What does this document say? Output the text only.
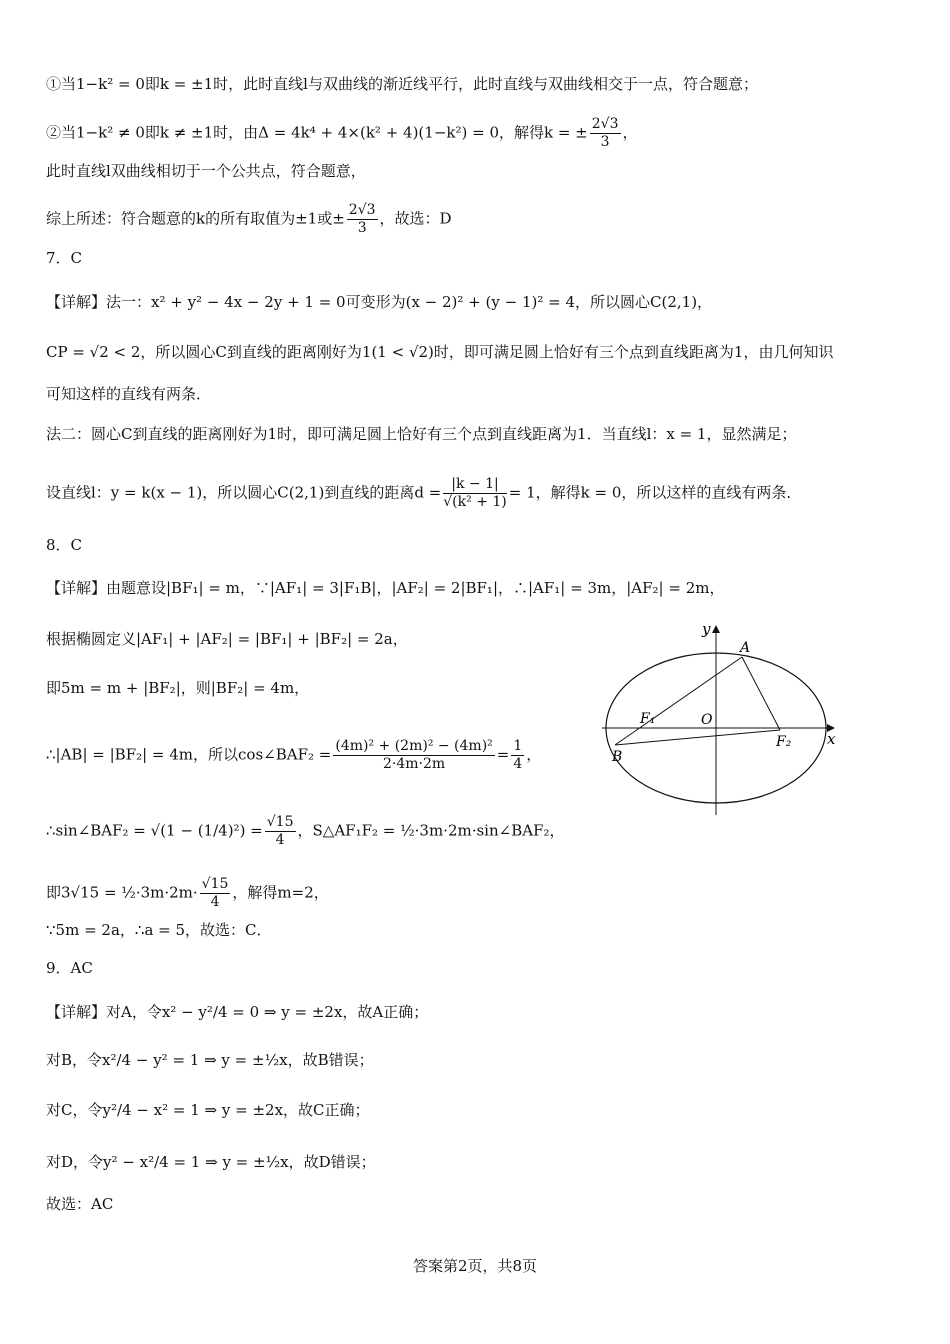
①当1−k² = 0即k = ±1时，此时直线l与双曲线的渐近线平行，此时直线与双曲线相交于一点，符合题意；
②当1−k² ≠ 0即k ≠ ±1时，由Δ = 4k⁴ + 4×(k² + 4)(1−k²) = 0，解得k = ± $\frac{2√3}{3}$ ，
此时直线l双曲线相切于一个公共点，符合题意，
综上所述：符合题意的k的所有取值为±1或± $\frac{2√3}{3}$ ，故选：D
7．C
【详解】法一：x² + y² − 4x − 2y + 1 = 0可变形为(x − 2)² + (y − 1)² = 4，所以圆心C(2,1)，
CP = √2 < 2，所以圆心C到直线的距离刚好为1(1 < √2)时，即可满足圆上恰好有三个点到直线距离为1，由几何知识
可知这样的直线有两条．
法二：圆心C到直线的距离刚好为1时，即可满足圆上恰好有三个点到直线距离为1．当直线l：x = 1，显然满足；
设直线l：y = k(x − 1)，所以圆心C(2,1)到直线的距离$d = \frac{|k - 1|}{\text{√(k² + 1)}} = 1$，解得k = 0，所以这样的直线有两条．
8．C
【详解】由题意设|BF₁| = m，∵|AF₁| = 3|F₁B|，|AF₂| = 2|BF₁|，∴|AF₁| = 3m，|AF₂| = 2m，
根据椭圆定义|AF₁| + |AF₂| = |BF₁| + |BF₂| = 2a，
即5m = m + |BF₂|，则|BF₂| = 4m，
∴|AB| = |BF₂| = 4m，所以cos∠BAF₂ = $\frac{\text{(4m)² + (2m)² − (4m)²}}{2\cdot 4m\cdot 2m} = \frac{1}{4}$ ，
∴sin∠BAF₂ = $√(1 - (1/4)^2) = \frac{√15}{4}$ ，S△AF₁F₂ = ½·3m·2m·sin∠BAF₂，
即3√15 = ½·3m·2m· $\frac{√15}{4}$ ，解得m=2，
∵5m = 2a，∴a = 5，故选：C．
9．AC
【详解】对A，令x² − y²/4 = 0 ⇒ y = ±2x，故A正确；
对B，令x²/4 − y² = 1 ⇒ y = ±½x，故B错误；
对C，令y²/4 − x² = 1 ⇒ y = ±2x，故C正确；
对D，令y² − x²/4 = 1 ⇒ y = ±½x，故D错误；
故选：AC
y
x
A
B
O
F₁
F₂
答案第2页，共8页
